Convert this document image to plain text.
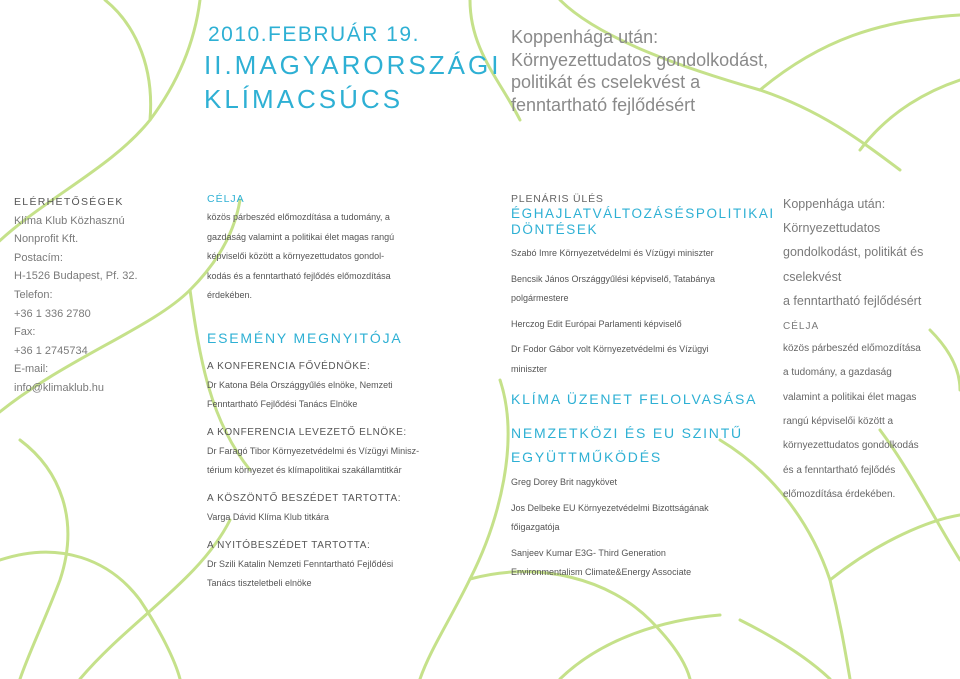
2010.FEBRUÁR 19.
II.MAGYARORSZÁGI
KLÍMACSÚCS
Koppenhága után:
Környezettudatos gondolkodást,
politikát és cselekvést a
fenntartható fejlődésért
ELÉRHETŐSÉGEK
Klíma Klub Közhasznú
Nonprofit Kft.
Postacím:
H-1526 Budapest, Pf. 32.
Telefon:
+36 1 336 2780
Fax:
+36 1 2745734
E-mail:
info@klimaklub.hu
CÉLJA
közös párbeszéd előmozdítása a tudomány, a
gazdaság valamint a politikai élet magas rangú
képviselői között a környezettudatos gondol-
kodás és a fenntartható fejlődés előmozdítása
érdekében.
ESEMÉNY MEGNYITÓJA
A KONFERENCIA FŐVÉDNÖKE:
Dr Katona Béla Országgyűlés elnöke, Nemzeti
Fenntartható Fejlődési Tanács Elnöke
A KONFERENCIA LEVEZETŐ ELNÖKE:
Dr Faragó Tibor Környezetvédelmi és Vízügyi Minisz-
térium környezet és klímapolitikai szakállamtitkár
A KÖSZÖNTŐ BESZÉDET TARTOTTA:
Varga Dávid Klíma Klub titkára
A NYITÓBESZÉDET TARTOTTA:
Dr Szili Katalin Nemzeti Fenntartható Fejlődési
Tanács tiszteletbeli elnöke
PLENÁRIS ÜLÉS
ÉGHAJLATVÁLTOZÁSÉSPOLITIKAI
DÖNTÉSEK
Szabó Imre Környezetvédelmi és Vízügyi miniszter
Bencsik János Országgyűlési képviselő, Tatabánya
polgármestere
Herczog Edit Európai Parlamenti képviselő
Dr Fodor Gábor volt Környezetvédelmi és Vízügyi
miniszter
KLÍMA ÜZENET FELOLVASÁSA
NEMZETKÖZI ÉS EU SZINTŰ
EGYÜTTMŰKÖDÉS
Greg Dorey Brit nagykövet
Jos Delbeke EU Környezetvédelmi Bizottságának
főigazgatója
Sanjeev Kumar E3G- Third Generation
Environmentalism Climate&Energy Associate
Koppenhága után:
Környezettudatos
gondolkodást, politikát és
cselekvést
a fenntartható fejlődésért
CÉLJA
közös párbeszéd előmozdítása
a tudomány, a gazdaság
valamint a politikai élet magas
rangú képviselői között a
környezettudatos gondolkodás
és a fenntartható fejlődés
előmozdítása érdekében.
